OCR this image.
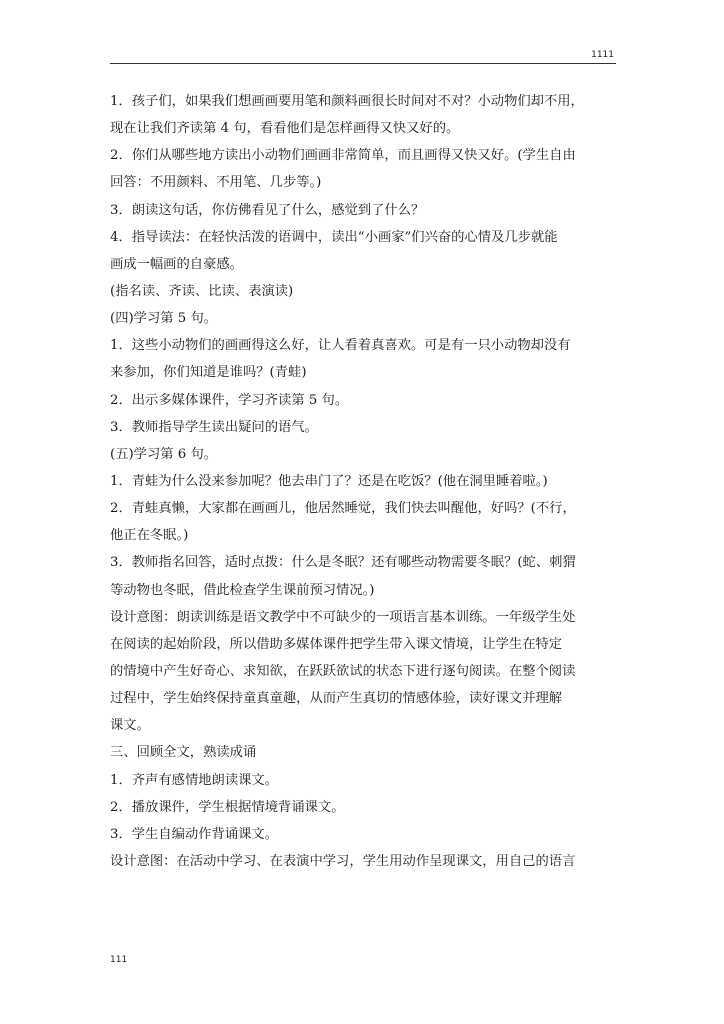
1111
1．孩子们，如果我们想画画要用笔和颜料画很长时间对不对？小动物们却不用，
现在让我们齐读第 4 句，看看他们是怎样画得又快又好的。
2．你们从哪些地方读出小动物们画画非常简单，而且画得又快又好。(学生自由
回答：不用颜料、不用笔、几步等。)
3．朗读这句话，你仿佛看见了什么，感觉到了什么？
4．指导读法：在轻快活泼的语调中，读出“小画家”们兴奋的心情及几步就能
画成一幅画的自豪感。
(指名读、齐读、比读、表演读)
(四)学习第 5 句。
1．这些小动物们的画画得这么好，让人看着真喜欢。可是有一只小动物却没有
来参加，你们知道是谁吗？(青蛙)
2．出示多媒体课件，学习齐读第 5 句。
3．教师指导学生读出疑问的语气。
(五)学习第 6 句。
1．青蛙为什么没来参加呢？他去串门了？还是在吃饭？(他在洞里睡着啦。)
2．青蛙真懒，大家都在画画儿，他居然睡觉，我们快去叫醒他，好吗？(不行，
他正在冬眠。)
3．教师指名回答，适时点拨：什么是冬眠？还有哪些动物需要冬眠？(蛇、刺猬
等动物也冬眠，借此检查学生课前预习情况。)
设计意图：朗读训练是语文教学中不可缺少的一项语言基本训练。一年级学生处
在阅读的起始阶段，所以借助多媒体课件把学生带入课文情境，让学生在特定
的情境中产生好奇心、求知欲，在跃跃欲试的状态下进行逐句阅读。在整个阅读
过程中，学生始终保持童真童趣，从而产生真切的情感体验，读好课文并理解
课文。
三、回顾全文，熟读成诵
1．齐声有感情地朗读课文。
2．播放课件，学生根据情境背诵课文。
3．学生自编动作背诵课文。
设计意图：在活动中学习、在表演中学习，学生用动作呈现课文，用自己的语言
111
